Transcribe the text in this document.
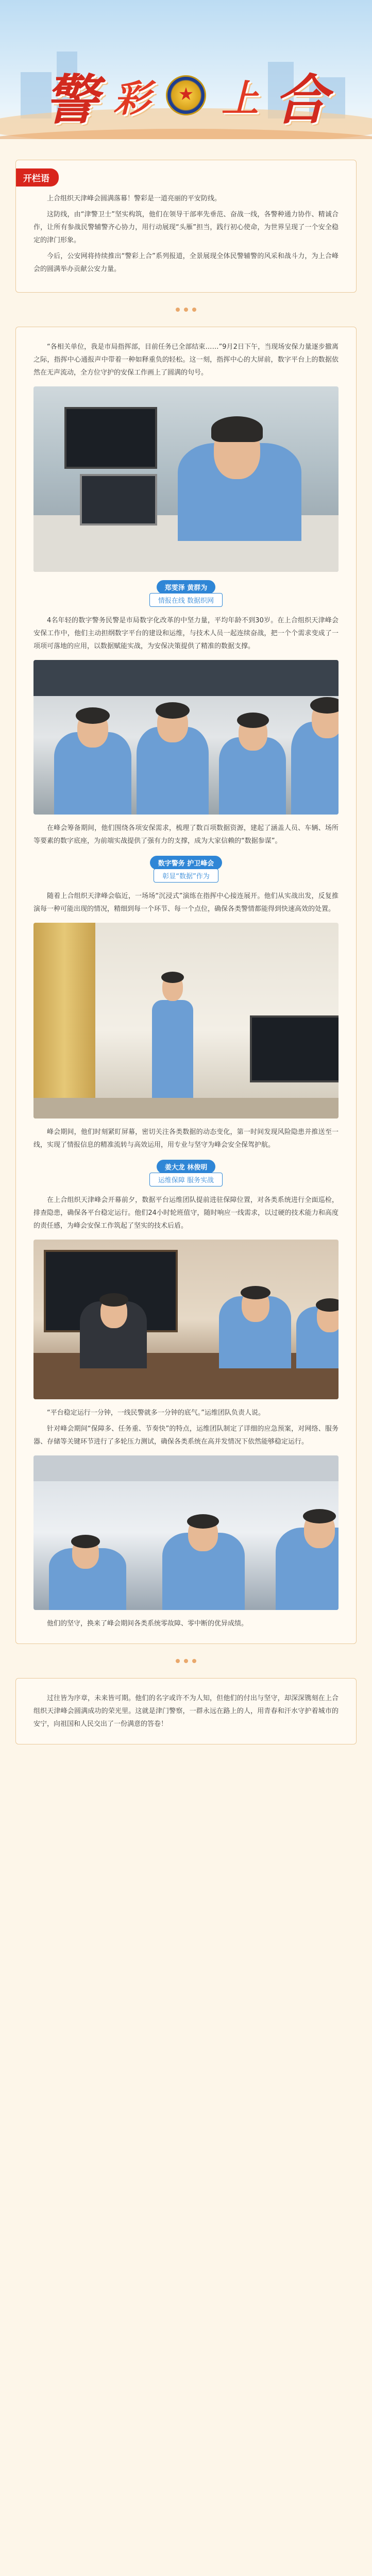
警 彩
★ 上 合
开栏语

上合组织天津峰会圆满落幕！警彩是一道亮丽的平安防线。

这防线，由“津警卫士”坚实构筑，他们在领导干部率先垂范、奋战一线，各警种通力协作、精诚合作，让所有参战民警辅警齐心协力，用行动展现“头雁”担当，践行初心使命，为世界呈现了一个安全稳定的津门形象。

今后，公安网将持续推出“警彩上合”系列报道，全景展现全体民警辅警的风采和战斗力，为上合峰会的圆满举办贡献公安力量。

“各相关单位，我是市局指挥部，目前任务已全部结束……”9月2日下午，当现场安保力量逐步撤离之际，指挥中心通报声中带着一种如释重负的轻松。这一刻，指挥中心的大屏前，数字平台上的数据依然在无声流动，全方位守护的安保工作画上了圆满的句号。

郑雯泽 黄群为
情报在线 数据织网

4名年轻的数字警务民警是市局数字化改革的中坚力量，平均年龄不到30岁。在上合组织天津峰会安保工作中，他们主动担纲数字平台的建设和运维，与技术人员一起连续奋战，把一个个需求变成了一项项可落地的应用，以数据赋能实战，为安保决策提供了精准的数据支撑。

在峰会筹备期间，他们围绕各项安保需求，梳理了数百项数据资源，建起了涵盖人员、车辆、场所等要素的数字底座，为前端实战提供了强有力的支撑，成为大家信赖的“数据参谋”。

数字警务 护卫峰会
彰显“数据”作为

随着上合组织天津峰会临近，一场场“沉浸式”演练在指挥中心接连展开。他们从实战出发，反复推演每一种可能出现的情况，精细到每一个环节、每一个点位，确保各类警情都能得到快速高效的处置。

峰会期间，他们时刻紧盯屏幕，密切关注各类数据的动态变化，第一时间发现风险隐患并推送至一线，实现了情报信息的精准流转与高效运用，用专业与坚守为峰会安全保驾护航。

姜大龙 林俊明
运维保障 服务实战

在上合组织天津峰会开幕前夕，数据平台运维团队提前进驻保障位置，对各类系统进行全面巡检，排查隐患，确保各平台稳定运行。他们24小时轮班值守，随时响应一线需求，以过硬的技术能力和高度的责任感，为峰会安保工作筑起了坚实的技术后盾。

“平台稳定运行一分钟，一线民警就多一分钟的底气。”运维团队负责人说。

针对峰会期间“保障多、任务重、节奏快”的特点，运维团队制定了详细的应急预案，对网络、服务器、存储等关键环节进行了多轮压力测试，确保各类系统在高并发情况下依然能够稳定运行。

他们的坚守，换来了峰会期间各类系统零故障、零中断的优异成绩。

过往皆为序章，未来皆可期。他们的名字或许不为人知，但他们的付出与坚守，却深深镌刻在上合组织天津峰会圆满成功的荣光里。这就是津门警察，一群永远在路上的人，用青春和汗水守护着城市的安宁，向祖国和人民交出了一份满意的答卷！
